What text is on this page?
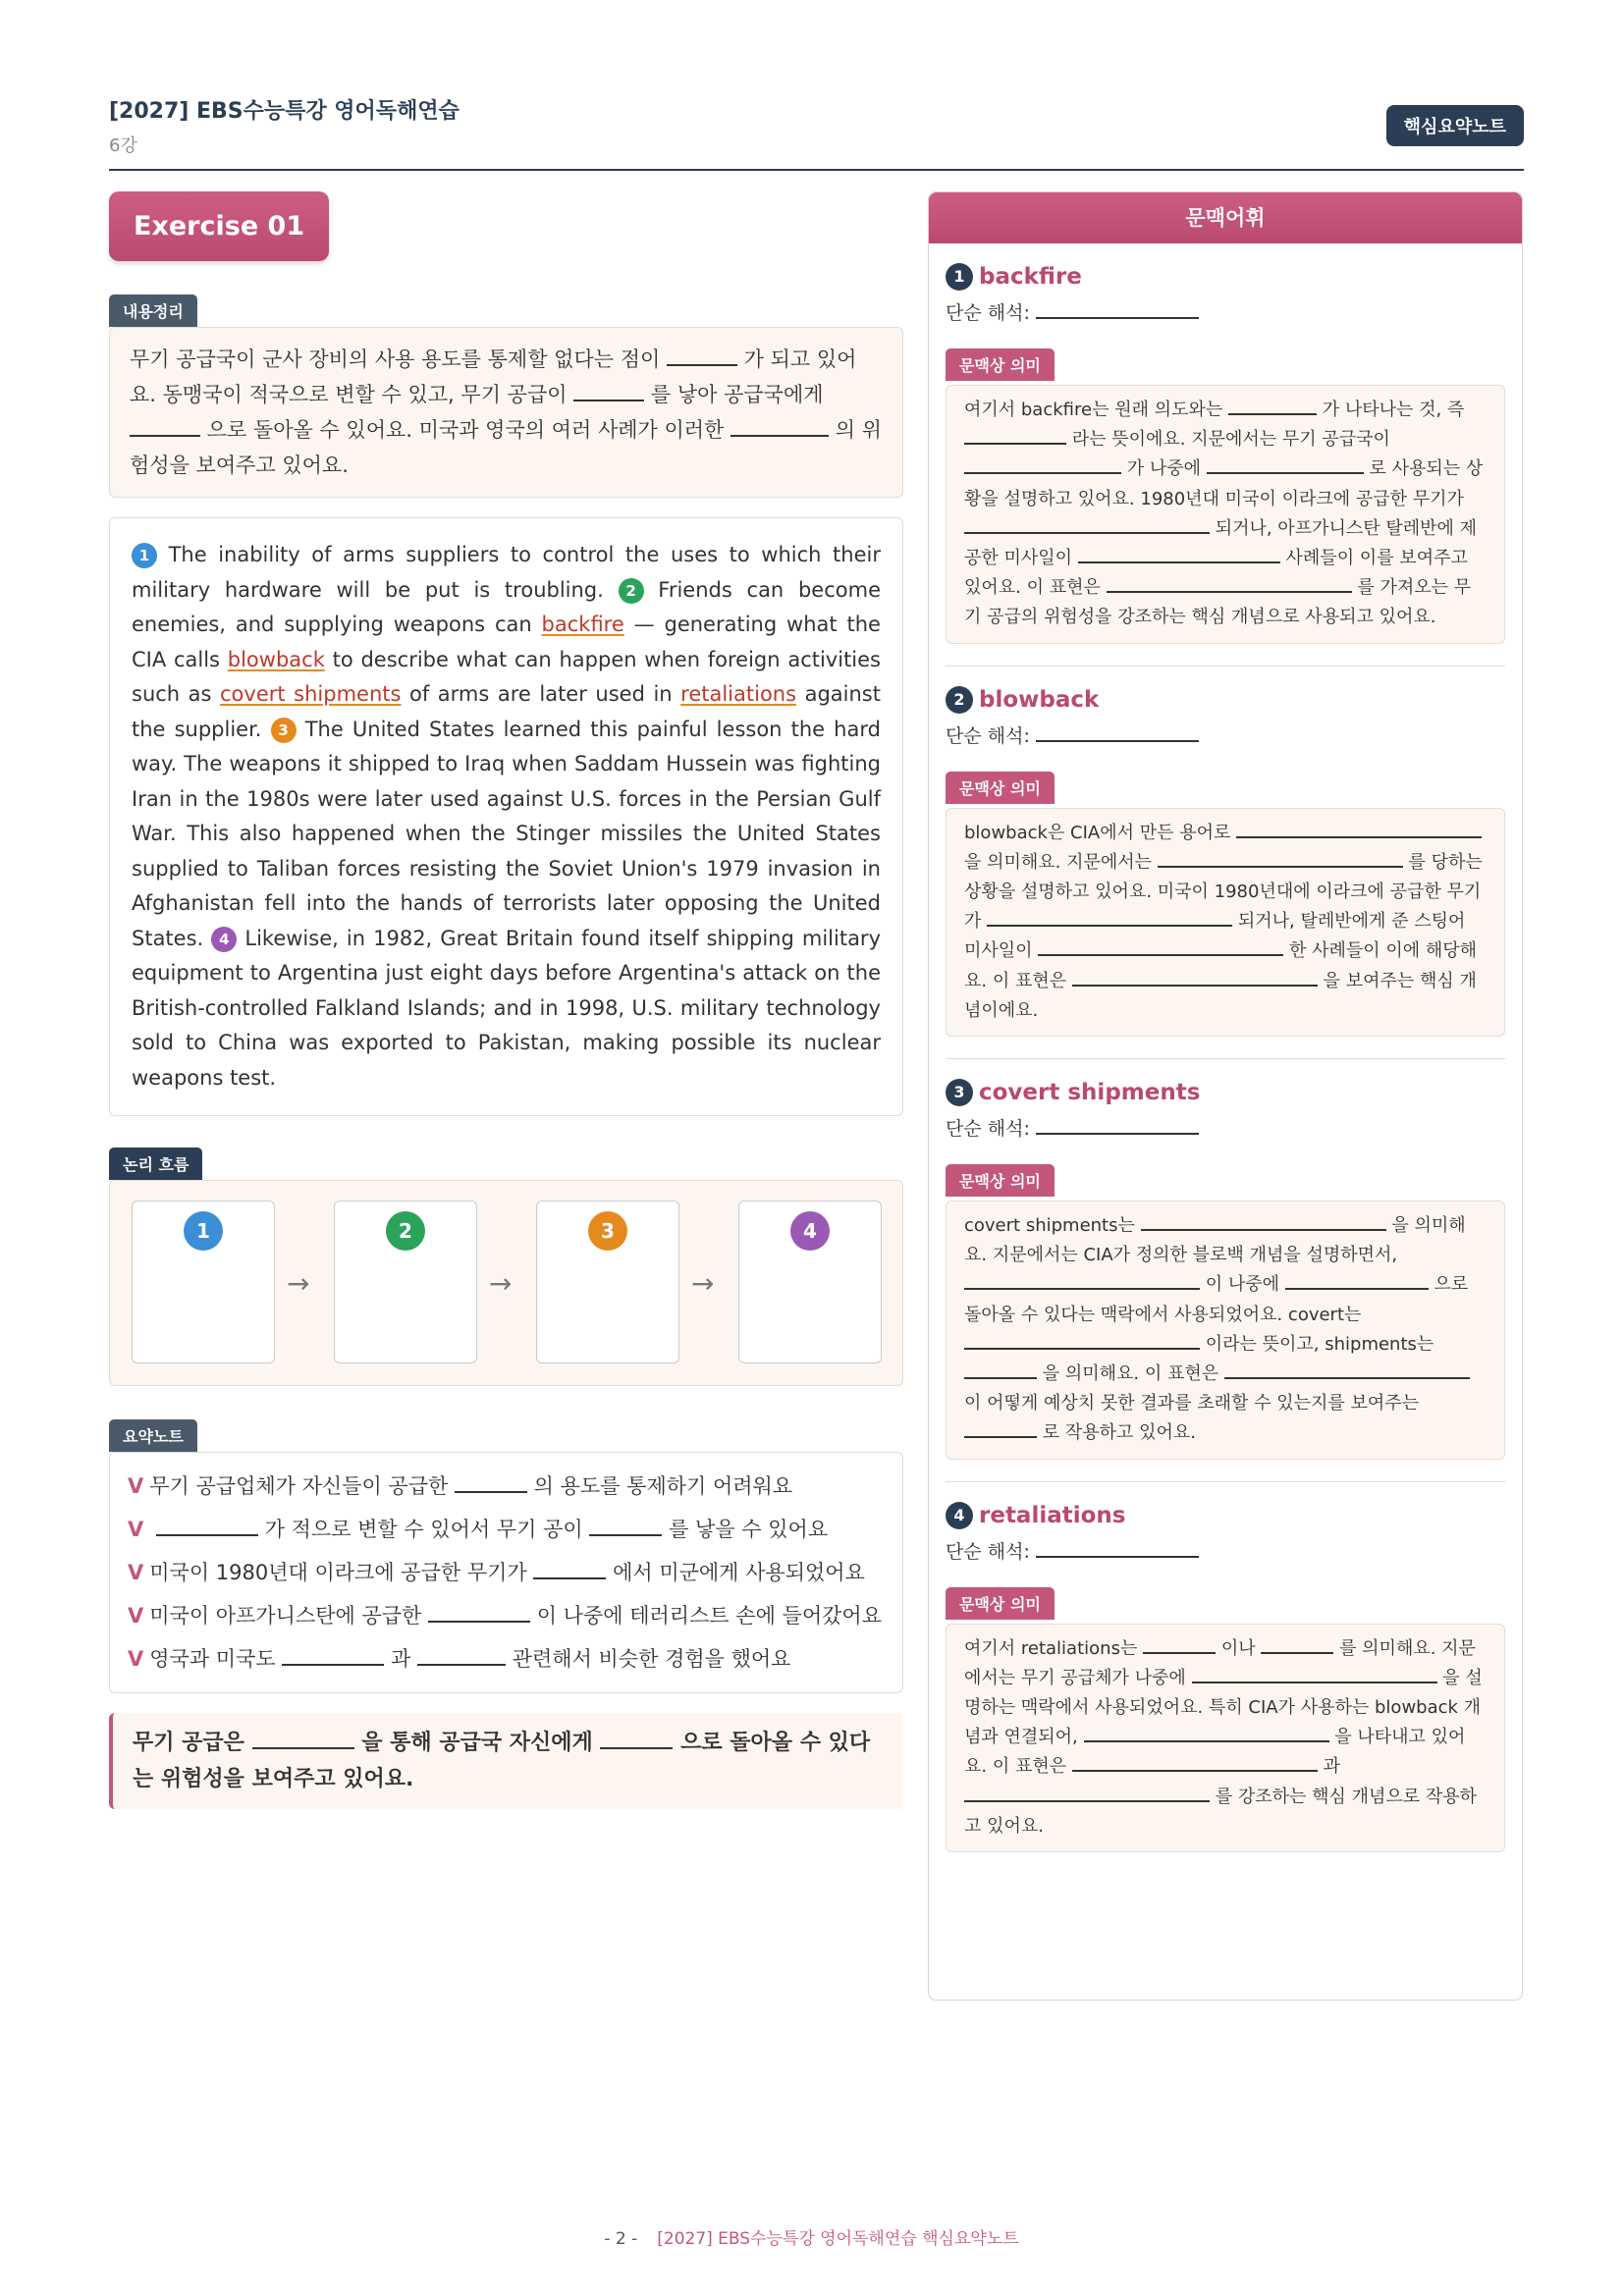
[2027] EBS수능특강 영어독해연습
6강
핵심요약노트
Exercise 01
내용정리
무기 공급국이 군사 장비의 사용 용도를 통제할 없다는 점이	가 되고 있어요. 동맹국이 적국으로 변할 수 있고, 무기 공급이	를 낳아 공급국에게  으로 돌아올 수 있어요. 미국과 영국의 여러 사례가 이러한	의 위험성을 보여주고 있어요.
1 The inability of arms suppliers to control the uses to which their military hardware will be put is troubling. 2 Friends can become enemies, and supplying weapons can backfire — generating what the CIA calls blowback to describe what can happen when foreign activities such as covert shipments of arms are later used in retaliations against the supplier. 3 The United States learned this painful lesson the hard way. The weapons it shipped to Iraq when Saddam Hussein was fighting Iran in the 1980s were later used against U.S. forces in the Persian Gulf War. This also happened when the Stinger missiles the United States supplied to Taliban forces resisting the Soviet Union's 1979 invasion in Afghanistan fell into the hands of terrorists later opposing the United States. 4 Likewise, in 1982, Great Britain found itself shipping military equipment to Argentina just eight days before Argentina's attack on the British-controlled Falkland Islands; and in 1998, U.S. military technology sold to China was exported to Pakistan, making possible its nuclear weapons test.
논리 흐름
1
→
2
→
3
→
4
요약노트
V 무기 공급업체가 자신들이 공급한	의 용도를 통제하기 어려워요
V	가 적으로 변할 수 있어서 무기 공이	를 낳을 수 있어요
V 미국이 1980년대 이라크에 공급한 무기가	에서 미군에게 사용되었어요
V 미국이 아프가니스탄에 공급한	이 나중에 테러리스트 손에 들어갔어요
V 영국과 미국도	과	관련해서 비슷한 경험을 했어요
무기 공급은	을 통해 공급국 자신에게	으로 돌아올 수 있다는 위험성을 보여주고 있어요.
문맥어휘
1 backfire
단순 해석:
문맥상 의미
여기서 backfire는 원래 의도와는	가 나타나는 것, 즉  라는 뜻이에요. 지문에서는 무기 공급국이  가 나중에	로 사용되는 상황을 설명하고 있어요. 1980년대 미국이 이라크에 공급한 무기가  되거나, 아프가니스탄 탈레반에 제공한 미사일이	사례들이 이를 보여주고 있어요. 이 표현은	를 가져오는 무기 공급의 위험성을 강조하는 핵심 개념으로 사용되고 있어요.
2 blowback
단순 해석:
문맥상 의미
blowback은 CIA에서 만든 용어로  을 의미해요. 지문에서는	를 당하는 상황을 설명하고 있어요. 미국이 1980년대에 이라크에 공급한 무기가	되거나, 탈레반에게 준 스팅어 미사일이	한 사례들이 이에 해당해요. 이 표현은	을 보여주는 핵심 개념이에요.
3 covert shipments
단순 해석:
문맥상 의미
covert shipments는	을 의미해요. 지문에서는 CIA가 정의한 블로백 개념을 설명하면서,  이 나중에	으로 돌아올 수 있다는 맥락에서 사용되었어요. covert는  이라는 뜻이고, shipments는  을 의미해요. 이 표현은  이 어떻게 예상치 못한 결과를 초래할 수 있는지를 보여주는  로 작용하고 있어요.
4 retaliations
단순 해석:
문맥상 의미
여기서 retaliations는	이나	를 의미해요. 지문에서는 무기 공급체가 나중에	을 설명하는 맥락에서 사용되었어요. 특히 CIA가 사용하는 blowback 개념과 연결되어,	을 나타내고 있어요. 이 표현은	과  를 강조하는 핵심 개념으로 작용하고 있어요.
- 2 - [2027] EBS수능특강 영어독해연습 핵심요약노트
